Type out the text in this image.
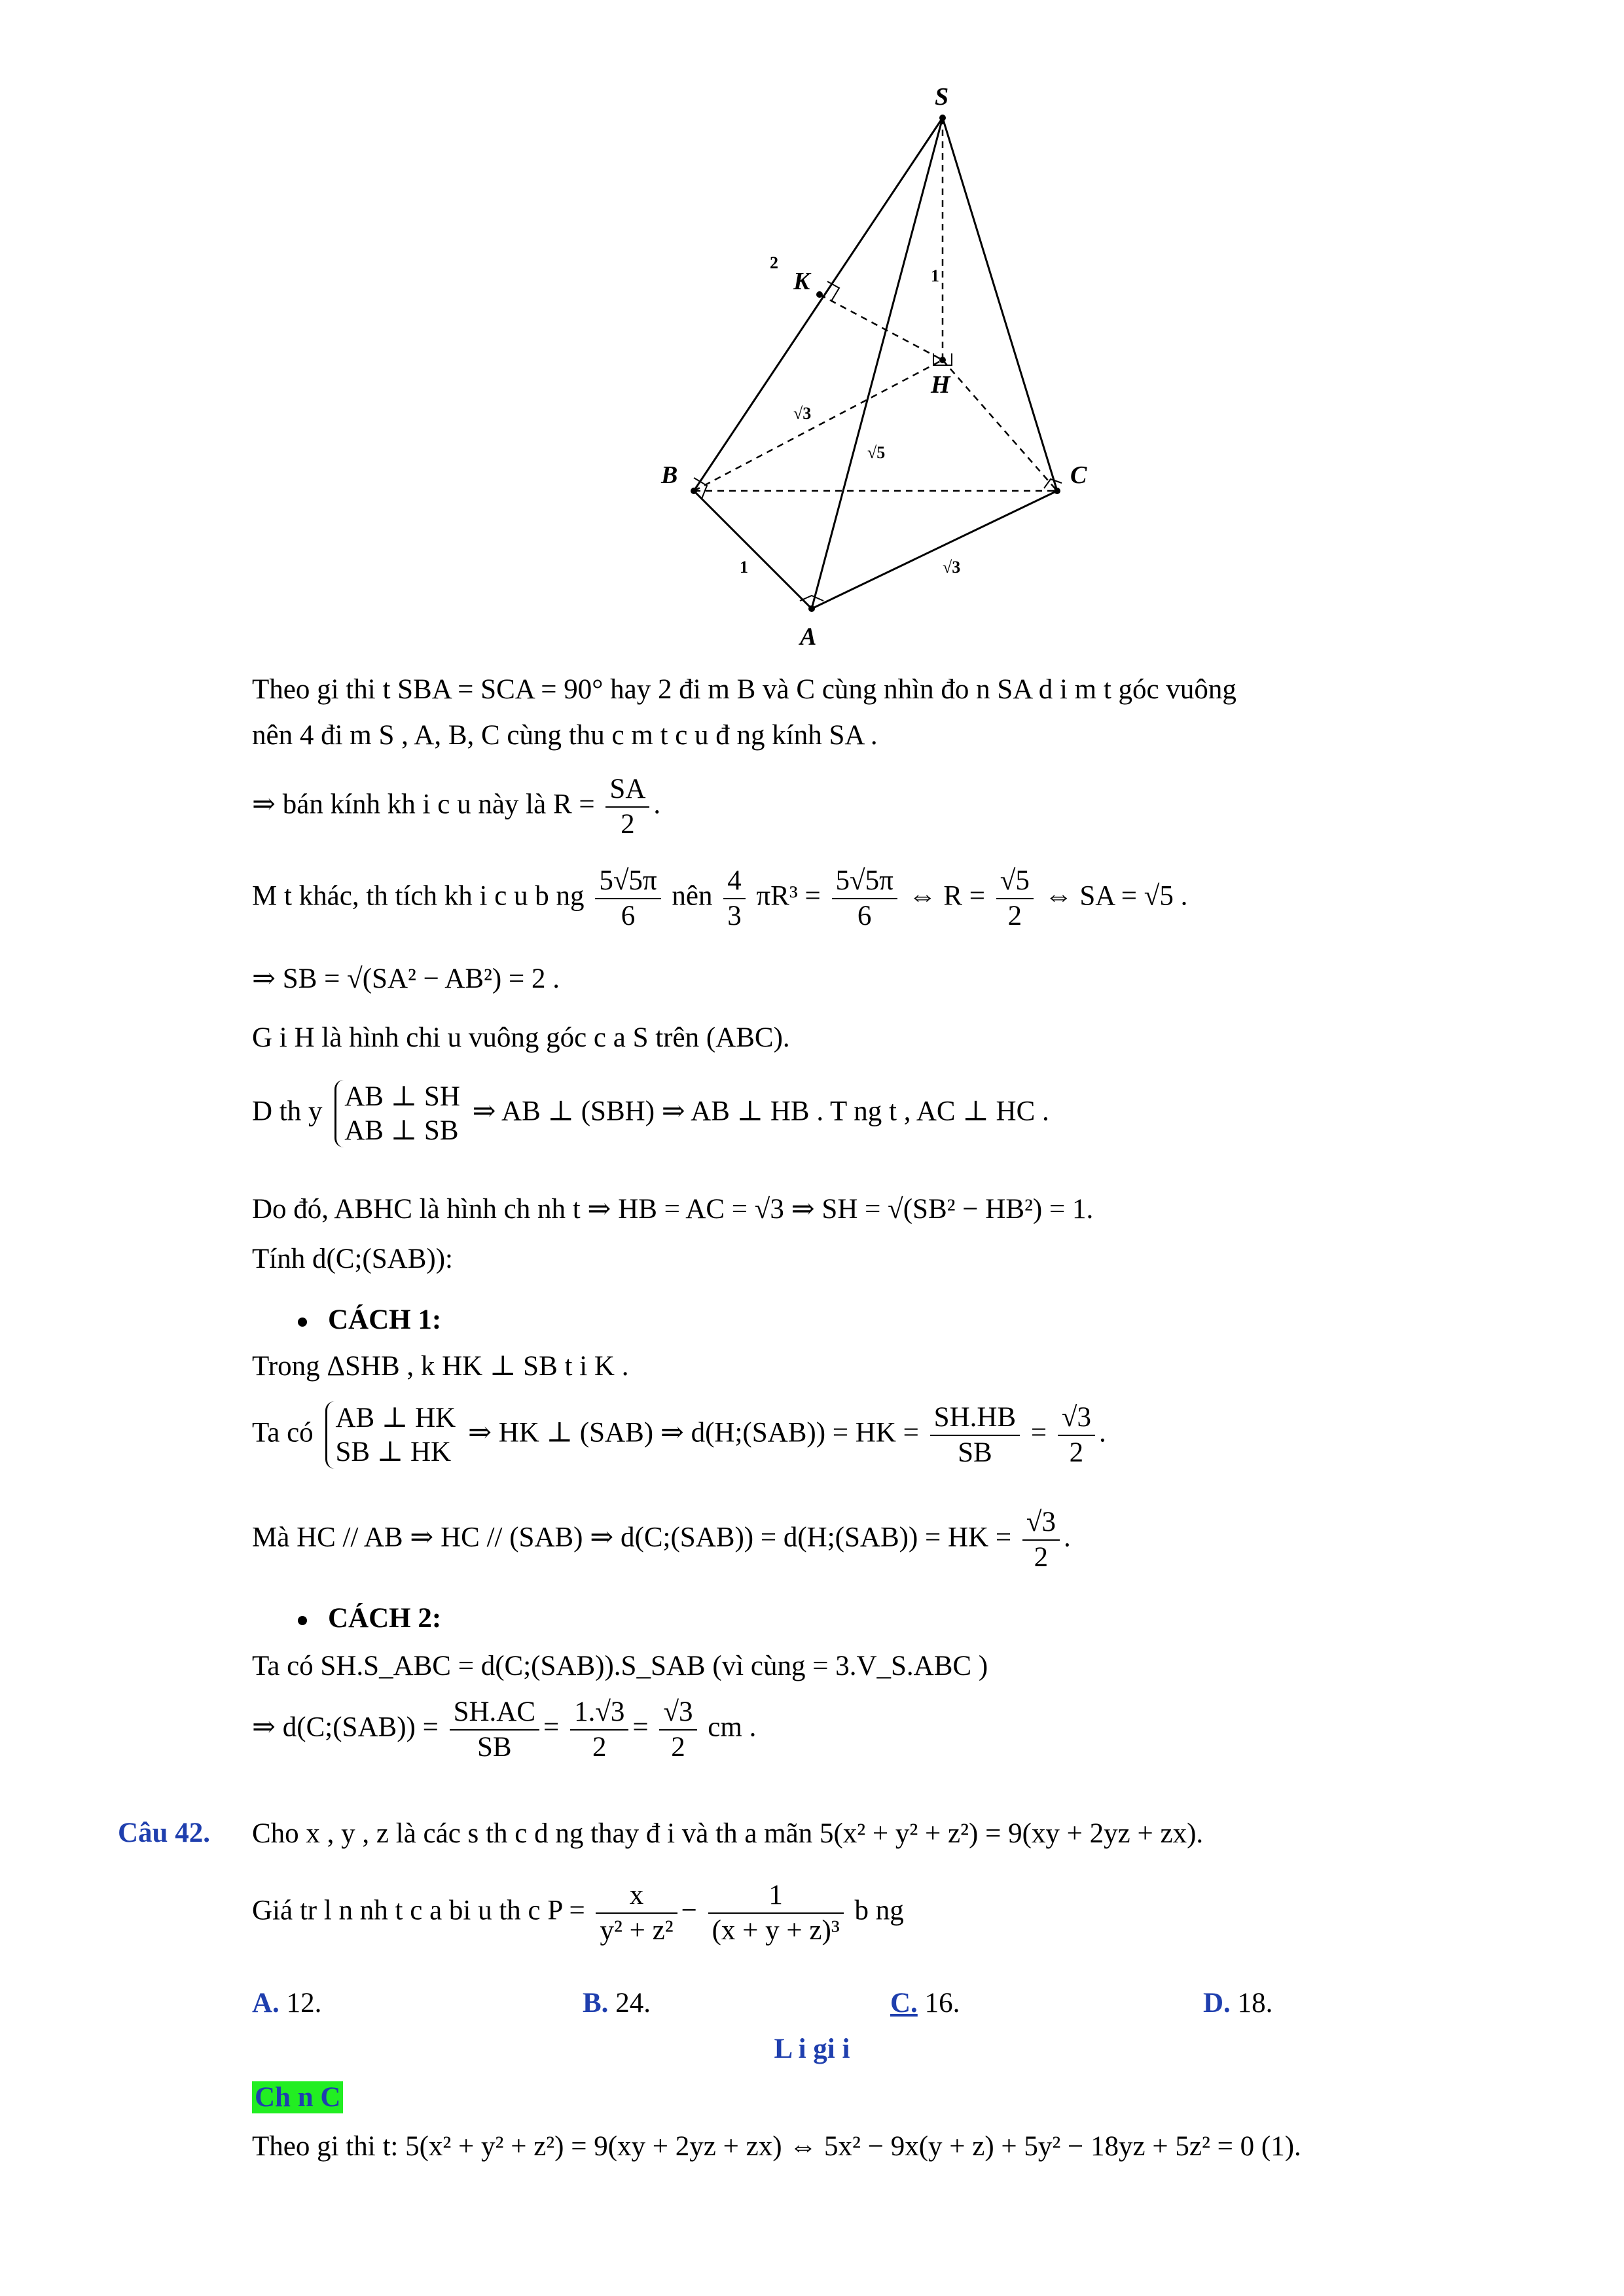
S
K
H
B	C
A
2
1
√3
√5
1	√3
Theo gi thi t SBA = SCA = 90° hay 2 đi m B và C cùng nhìn đo n SA d i m t góc vuông
nên 4 đi m S , A, B, C cùng thu c m t c u đ ng kính SA .
⇒ bán kính kh i c u này là $R = \frac{SA}{2}$ .
M t khác, th tích kh i c u b ng $\frac{5√5\pi}{6}$ nên $\frac{4}{3} \pi R^3 = \frac{5√5\pi}{6}$ ⇔ $R = \frac{√5}{2}$ ⇔ SA = √5 .
⇒ SB = √(SA² − AB²) = 2 .
G i H là hình chi u vuông góc c a S trên (ABC).
D th y AB ⊥ SH
AB ⊥ SB
⇒ AB ⊥ (SBH) ⇒ AB ⊥ HB . T ng t , AC ⊥ HC .
Do đó, ABHC là hình ch nh t ⇒ HB = AC = √3 ⇒ SH = √(SB² − HB²) = 1.
Tính d(C;(SAB)):
CÁCH 1:
Trong ΔSHB , k HK ⊥ SB t i K .
Ta có AB ⊥ HK
SB ⊥ HK
⇒ HK ⊥ (SAB) ⇒ d(H;(SAB)) = HK = $\frac{SH.HB}{SB} = \frac{√3}{2}$ .
Mà HC // AB ⇒ HC // (SAB) ⇒ d(C;(SAB)) = d(H;(SAB)) = HK = $\frac{√3}{2}$ .
CÁCH 2:
Ta có SH.S_ABC = d(C;(SAB)).S_SAB (vì cùng = 3.V_S.ABC )
⇒ d(C;(SAB)) = $\frac{SH.AC}{SB} = \frac{1.√3}{2} = \frac{√3}{2}$ cm .
Câu 42. Cho x , y , z là các s th c d ng thay đ i và th a mãn 5(x² + y² + z²) = 9(xy + 2yz + zx).
Giá tr l n nh t c a bi u th c $P = \frac{x}{\text{y² + z²}} - \frac{1}{\text{(x + y + z)³}}$ b ng
A. 12.	B. 24.	C. 16.	D. 18.
L i gi i
Ch n C
Theo gi thi t: 5(x² + y² + z²) = 9(xy + 2yz + zx) ⇔ 5x² − 9x(y + z) + 5y² − 18yz + 5z² = 0 (1).
